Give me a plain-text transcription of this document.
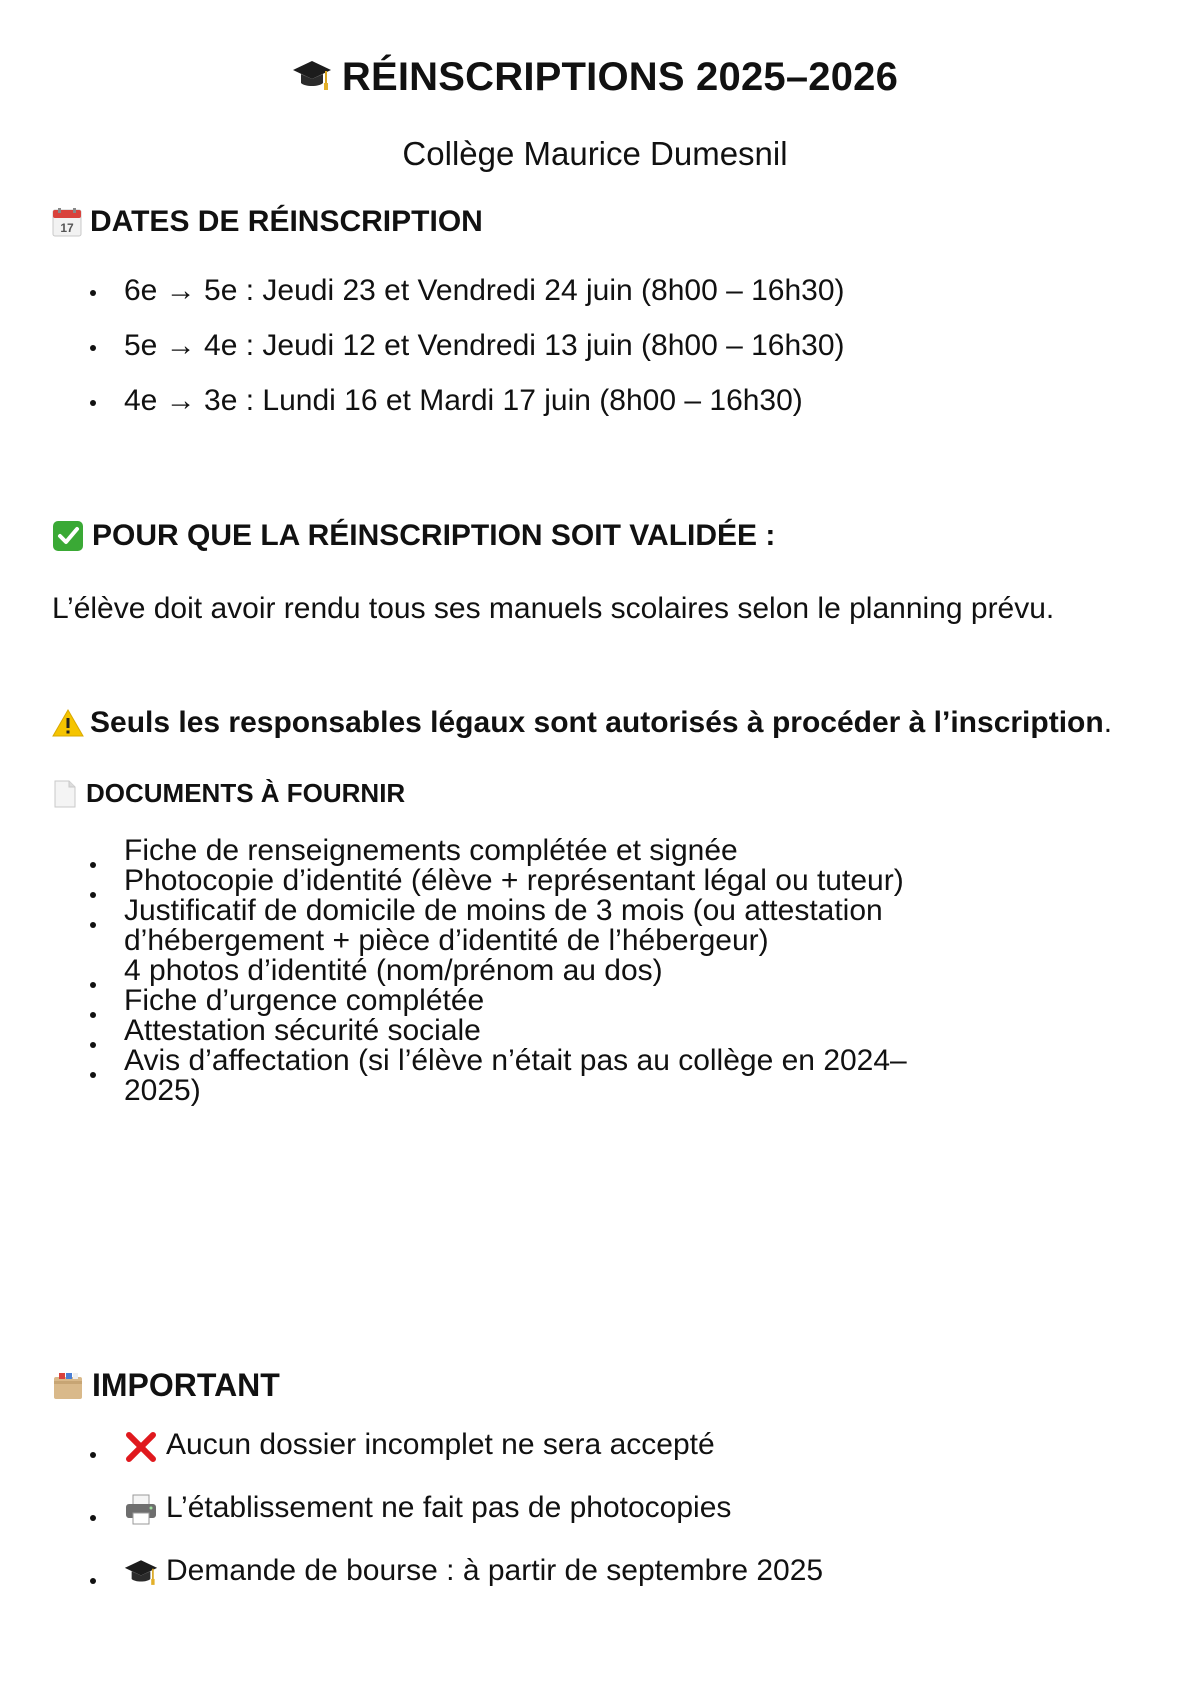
RÉINSCRIPTIONS 2025–2026
Collège Maurice Dumesnil
17 DATES DE RÉINSCRIPTION
6e → 5e : Jeudi 23 et Vendredi 24 juin (8h00 – 16h30)
5e → 4e : Jeudi 12 et Vendredi 13 juin (8h00 – 16h30)
4e → 3e : Lundi 16 et Mardi 17 juin (8h00 – 16h30)
POUR QUE LA RÉINSCRIPTION SOIT VALIDÉE :
L’élève doit avoir rendu tous ses manuels scolaires selon le planning prévu.
Seuls les responsables légaux sont autorisés à procéder à l’inscription .
DOCUMENTS À FOURNIR
Fiche de renseignements complétée et signée
Photocopie d’identité (élève + représentant légal ou tuteur)
Justificatif de domicile de moins de 3 mois (ou attestation d’hébergement + pièce d’identité de l’hébergeur)
4 photos d’identité (nom/prénom au dos)
Fiche d’urgence complétée
Attestation sécurité sociale
Avis d’affectation (si l’élève n’était pas au collège en 2024–2025)
IMPORTANT
Aucun dossier incomplet ne sera accepté
L’établissement ne fait pas de photocopies
Demande de bourse : à partir de septembre 2025
